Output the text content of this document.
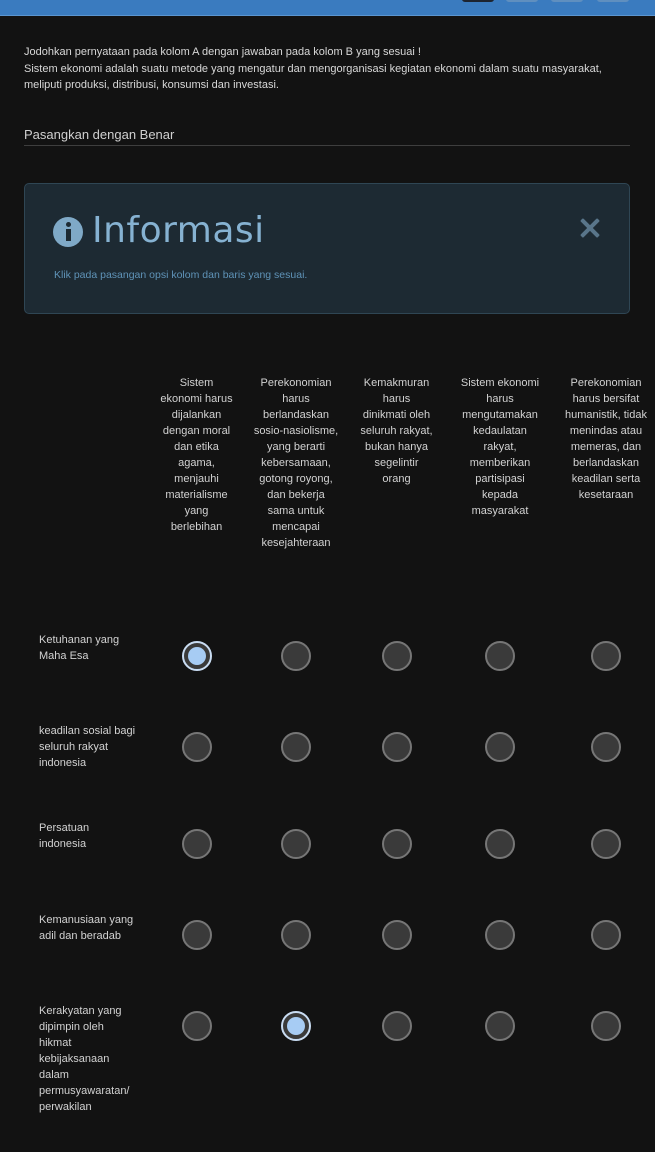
Jodohkan pernyataan pada kolom A dengan jawaban pada kolom B yang sesuai !
Sistem ekonomi adalah suatu metode yang mengatur dan mengorganisasi kegiatan ekonomi dalam suatu masyarakat,
meliputi produksi, distribusi, konsumsi dan investasi.
Pasangkan dengan Benar
Informasi
Klik pada pasangan opsi kolom dan baris yang sesuai.
Sistem ekonomi harus dijalankan dengan moral dan etika agama, menjauhi materialisme yang berlebihan
Perekonomian harus berlandaskan sosio-nasiolisme, yang berarti kebersamaan, gotong royong, dan bekerja sama untuk mencapai kesejahteraan
Kemakmuran harus dinikmati oleh seluruh rakyat, bukan hanya segelintir orang
Sistem ekonomi harus mengutamakan kedaulatan rakyat, memberikan partisipasi kepada masyarakat
Perekonomian harus bersifat humanistik, tidak menindas atau memeras, dan berlandaskan keadilan serta kesetaraan
Ketuhanan yang Maha Esa
keadilan sosial bagi seluruh rakyat indonesia
Persatuan indonesia
Kemanusiaan yang adil dan beradab
Kerakyatan yang dipimpin oleh hikmat kebijaksanaan dalam permusyawaratan/ perwakilan
